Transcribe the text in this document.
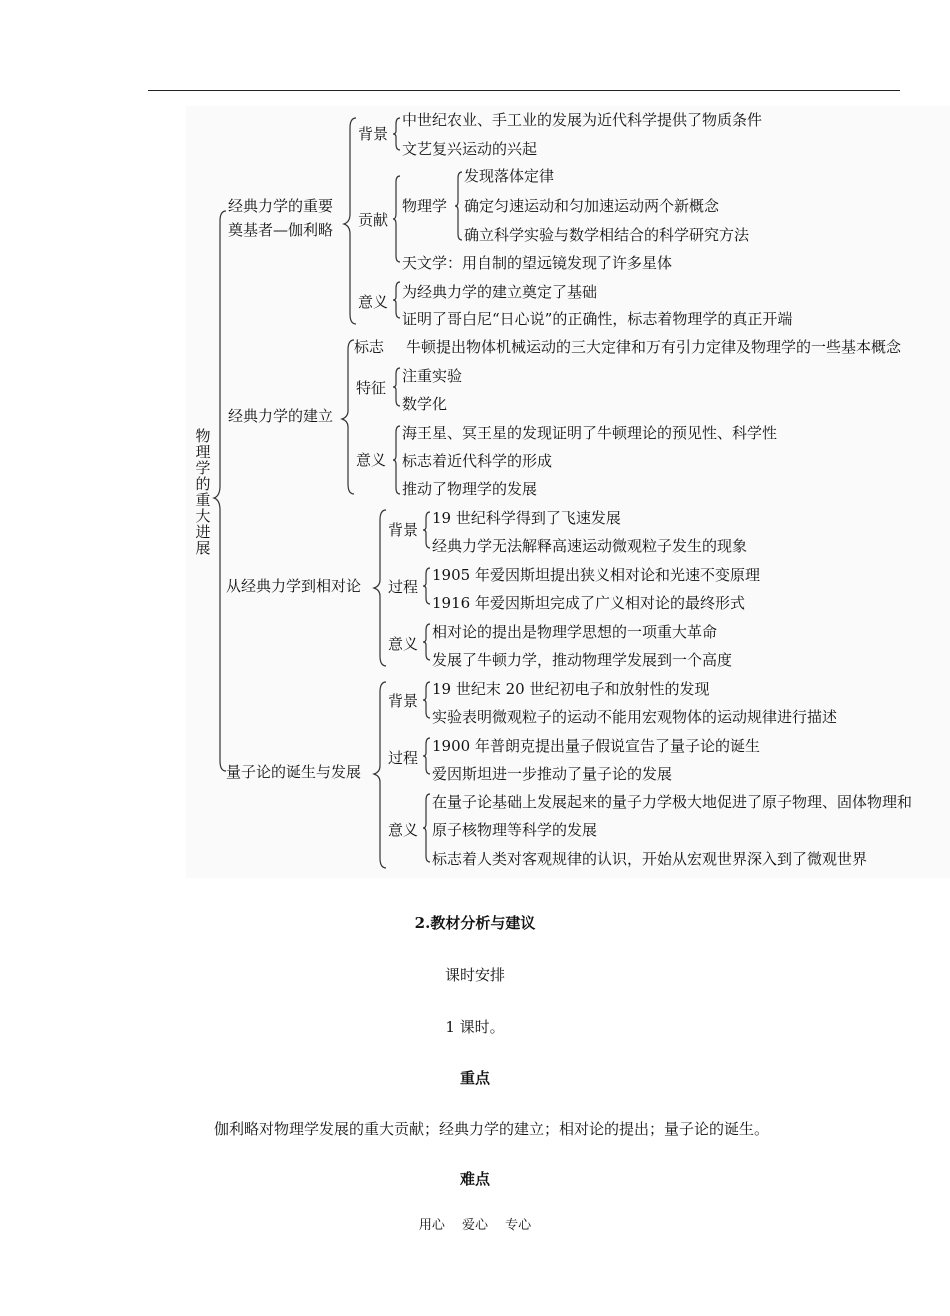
物
理
学
的
重
大
进
展
经典力学的重要
奠基者—伽利略
背景
中世纪农业、手工业的发展为近代科学提供了物质条件
文艺复兴运动的兴起
贡献
物理学
发现落体定律
确定匀速运动和匀加速运动两个新概念
确立科学实验与数学相结合的科学研究方法
天文学：用自制的望远镜发现了许多星体
意义
为经典力学的建立奠定了基础
证明了哥白尼“日心说”的正确性，标志着物理学的真正开端
经典力学的建立
标志 牛顿提出物体机械运动的三大定律和万有引力定律及物理学的一些基本概念
特征
注重实验
数学化
意义
海王星、冥王星的发现证明了牛顿理论的预见性、科学性
标志着近代科学的形成
推动了物理学的发展
从经典力学到相对论
背景
19 世纪科学得到了飞速发展
经典力学无法解释高速运动微观粒子发生的现象
过程
1905 年爱因斯坦提出狭义相对论和光速不变原理
1916 年爱因斯坦完成了广义相对论的最终形式
意义
相对论的提出是物理学思想的一项重大革命
发展了牛顿力学，推动物理学发展到一个高度
量子论的诞生与发展
背景
19 世纪末 20 世纪初电子和放射性的发现
实验表明微观粒子的运动不能用宏观物体的运动规律进行描述
过程
1900 年普朗克提出量子假说宣告了量子论的诞生
爱因斯坦进一步推动了量子论的发展
意义
在量子论基础上发展起来的量子力学极大地促进了原子物理、固体物理和
原子核物理等科学的发展
标志着人类对客观规律的认识，开始从宏观世界深入到了微观世界
2.教材分析与建议
课时安排
1 课时。
重点
伽利略对物理学发展的重大贡献；经典力学的建立；相对论的提出；量子论的诞生。
难点
用心　 爱心　 专心
